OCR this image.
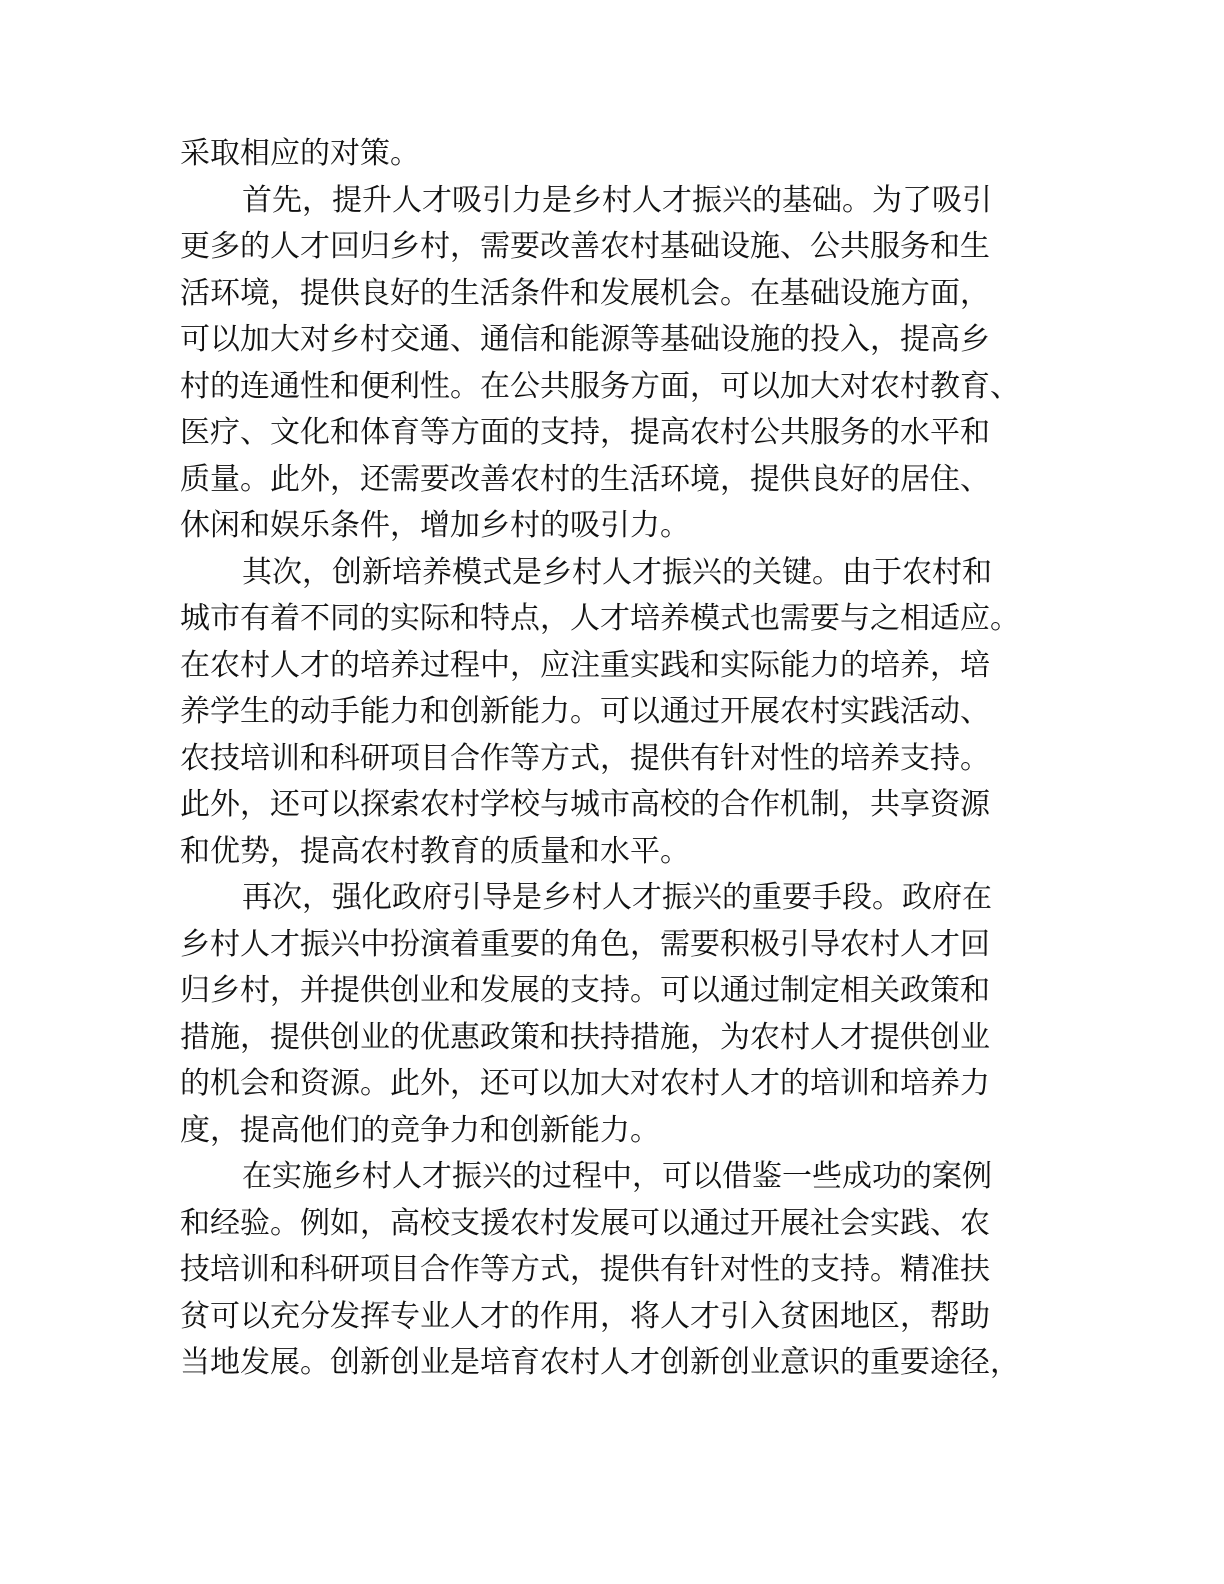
采取相应的对策。
首先，提升人才吸引力是乡村人才振兴的基础。为了吸引
更多的人才回归乡村，需要改善农村基础设施、公共服务和生
活环境，提供良好的生活条件和发展机会。在基础设施方面，
可以加大对乡村交通、通信和能源等基础设施的投入，提高乡
村的连通性和便利性。在公共服务方面，可以加大对农村教育、
医疗、文化和体育等方面的支持，提高农村公共服务的水平和
质量。此外，还需要改善农村的生活环境，提供良好的居住、
休闲和娱乐条件，增加乡村的吸引力。
其次，创新培养模式是乡村人才振兴的关键。由于农村和
城市有着不同的实际和特点，人才培养模式也需要与之相适应。
在农村人才的培养过程中，应注重实践和实际能力的培养，培
养学生的动手能力和创新能力。可以通过开展农村实践活动、
农技培训和科研项目合作等方式，提供有针对性的培养支持。
此外，还可以探索农村学校与城市高校的合作机制，共享资源
和优势，提高农村教育的质量和水平。
再次，强化政府引导是乡村人才振兴的重要手段。政府在
乡村人才振兴中扮演着重要的角色，需要积极引导农村人才回
归乡村，并提供创业和发展的支持。可以通过制定相关政策和
措施，提供创业的优惠政策和扶持措施，为农村人才提供创业
的机会和资源。此外，还可以加大对农村人才的培训和培养力
度，提高他们的竞争力和创新能力。
在实施乡村人才振兴的过程中，可以借鉴一些成功的案例
和经验。例如，高校支援农村发展可以通过开展社会实践、农
技培训和科研项目合作等方式，提供有针对性的支持。精准扶
贫可以充分发挥专业人才的作用，将人才引入贫困地区，帮助
当地发展。创新创业是培育农村人才创新创业意识的重要途径，
